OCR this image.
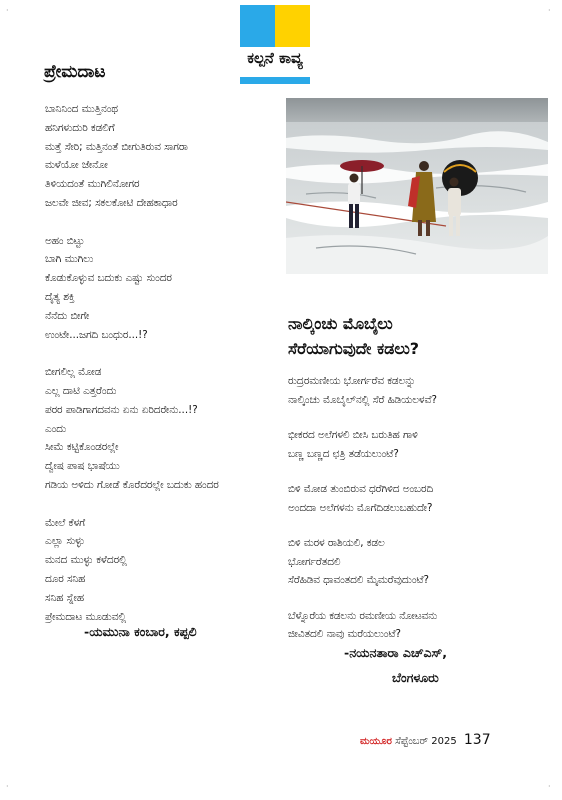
·	·
·	·
ಕಲ್ಪನೆ ಕಾವ್ಯ
ಪ್ರೇಮದಾಟ
ಬಾನಿನಿಂದ ಮುತ್ತಿನಂಥ
ಹನಿಗಳುದುರಿ ಕಡಲಿಗೆ
ಮತ್ತೆ ಸೇರಿ; ಮತ್ತಿನಂತೆ ಬೀಗುತಿರುವ ಸಾಗರಾ
ಮಳೆಯೋ ಜೇನೋ
ತಿಳಿಯದಂತೆ ಮುಗಿಲಿನೋಗರ
ಜಲವೇ ಜೀವ; ಸಕಲಕೋಟಿ ದೇಹಕಾಧಾರ
ಅಹಂ ಬಿಟ್ಟು
ಬಾಗಿ ಮುಗಿಲು
ಕೊಡುಕೊಳ್ಳುವ ಬದುಕು ಎಷ್ಟು ಸುಂದರ
ದೈತ್ಯ ಶಕ್ತಿ
ನೆನೆದು ಬೀಗೇ
ಉಂಟೇ...ಜಗದಿ ಬಂಧುರ...!?
ಬೀಗಲಿಲ್ಲ ಮೋಡ
ಎಲ್ಲ ದಾಟಿ ಎತ್ತರೆಂದು
ಪರರ ಪಾಡಿಗಾಗದವನು ಏನು ಏರಿದರೇನು...!?
ಎಂದು
ಸೀಮೆ ಕಟ್ಟಿಕೊಂಡರಲ್ಲೇ
ದ್ವೇಷ ಪಾಷ ಭಾಷೆಯು
ಗಡಿಯ ಅಳಿದು ಗೋಡೆ ಕೊರೆದರಲ್ಲೇ ಬದುಕು ಹಂದರ
ಮೇಲೆ ಕೆಳಗೆ
ಎಲ್ಲಾ ಸುಳ್ಳು
ಮನದ ಮುಳ್ಳು ಕಳೆದರಲ್ಲಿ
ದೂರ ಸನಿಹ
ಸನಿಹ ಸ್ನೇಹ
ಪ್ರೇಮದಾಟ ಮೂಡುವಲ್ಲಿ
-ಯಮುನಾ ಕಂಬಾರ, ಕಪ್ಪಲಿ
ನಾಲ್ಕಿಂಚು ಮೊಬೈಲು
ಸೆರೆಯಾಗುವುದೇ ಕಡಲು?
ರುದ್ರರಮಣೀಯ ಭೋರ್ಗರೆವ ಕಡಲನ್ನು
ನಾಲ್ಕಿಂಚು ಮೊಬೈಲ್‌ನಲ್ಲಿ ಸೆರೆ ಹಿಡಿಯಲಳವೆ?
ಭೀಕರದ ಅಲೆಗಳಲಿ ಬೀಸಿ ಬರುತಿಹ ಗಾಳಿ
ಬಣ್ಣ ಬಣ್ಣದ ಛತ್ರಿ ತಡೆಯಲುಂಟೆ?
ಬಿಳಿ ಮೋಡ ತುಂಬಿರುವ ಧರೆಗಿಳಿದ ಅಂಬರದಿ
ಅಂದದಾ ಅಲೆಗಳನು ಮೊಗೆದಿಡಲುಬಹುದೇ?
ಬಿಳಿ ಮರಳ ರಾಶಿಯಲಿ, ಕಡಲ
ಭೋರ್ಗರೆತದಲಿ
ಸೆರೆಹಿಡಿವ ಧಾವಂತದಲಿ ಮೈಮರೆವುದುಂಟೆ?
ಬೆಳ್ನೊರೆಯ ಕಡಲನು ರಮಣೀಯ ನೋಟವನು
ಜೀವಿತದಲಿ ನಾವು ಮರೆಯಲುಂಟೆ?
-ನಯನತಾರಾ ಎಚ್‌ಎಸ್,
ಬೆಂಗಳೂರು
ಮಯೂರ ಸೆಪ್ಟೆಂಬರ್ 2025 137
